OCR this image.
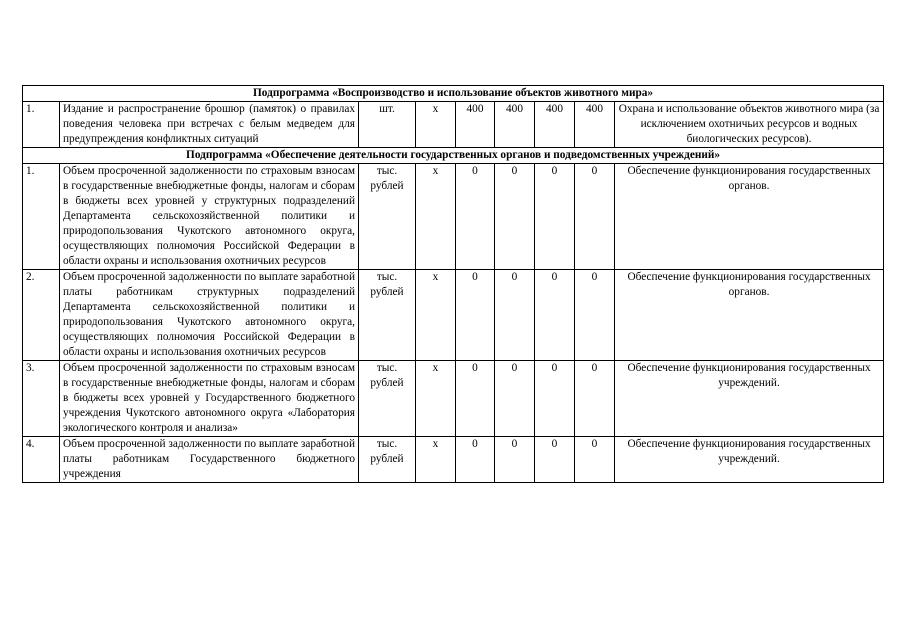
Подпрограмма «Воспроизводство и использование объектов животного мира»								
1.	Издание и распространение брошюр (памяток) о правилах поведения человека при встречах с белым медведем для предупреждения конфликтных ситуаций	шт.	х	400	400	400	400	Охрана и использование объектов животного мира (за исключением охотничьих ресурсов и водных биологических ресурсов).
Подпрограмма «Обеспечение деятельности государственных органов и подведомственных учреждений»								
1.	Объем просроченной задолженности по страховым взносам в государственные внебюджетные фонды, налогам и сборам в бюджеты всех уровней у структурных подразделений Департамента сельскохозяйственной политики и природопользования Чукотского автономного округа, осуществляющих полномочия Российской Федерации в области охраны и использования охотничьих ресурсов	тыс. рублей	х	0	0	0	0	Обеспечение функционирования государственных органов.
2.	Объем просроченной задолженности по выплате заработной платы работникам структурных подразделений Департамента сельскохозяйственной политики и природопользования Чукотского автономного округа, осуществляющих полномочия Российской Федерации в области охраны и использования охотничьих ресурсов	тыс. рублей	х	0	0	0	0	Обеспечение функционирования государственных органов.
3.	Объем просроченной задолженности по страховым взносам в государственные внебюджетные фонды, налогам и сборам в бюджеты всех уровней у Государственного бюджетного учреждения Чукотского автономного округа «Лаборатория экологического контроля и анализа»	тыс. рублей	х	0	0	0	0	Обеспечение функционирования государственных учреждений.
4.	Объем просроченной задолженности по выплате заработной платы работникам Государственного бюджетного учреждения	тыс. рублей	х	0	0	0	0	Обеспечение функционирования государственных учреждений.
